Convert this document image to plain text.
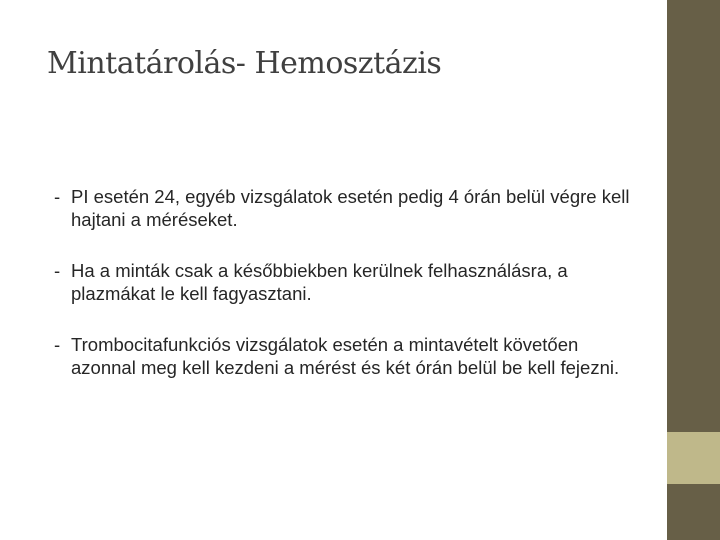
Mintatárolás- Hemosztázis
- PI esetén 24, egyéb vizsgálatok esetén pedig 4 órán belül végre kell hajtani a méréseket.
- Ha a minták csak a későbbiekben kerülnek felhasználásra, a plazmákat le kell fagyasztani.
- Trombocitafunkciós vizsgálatok esetén a mintavételt követően azonnal meg kell kezdeni a mérést és két órán belül be kell fejezni.
